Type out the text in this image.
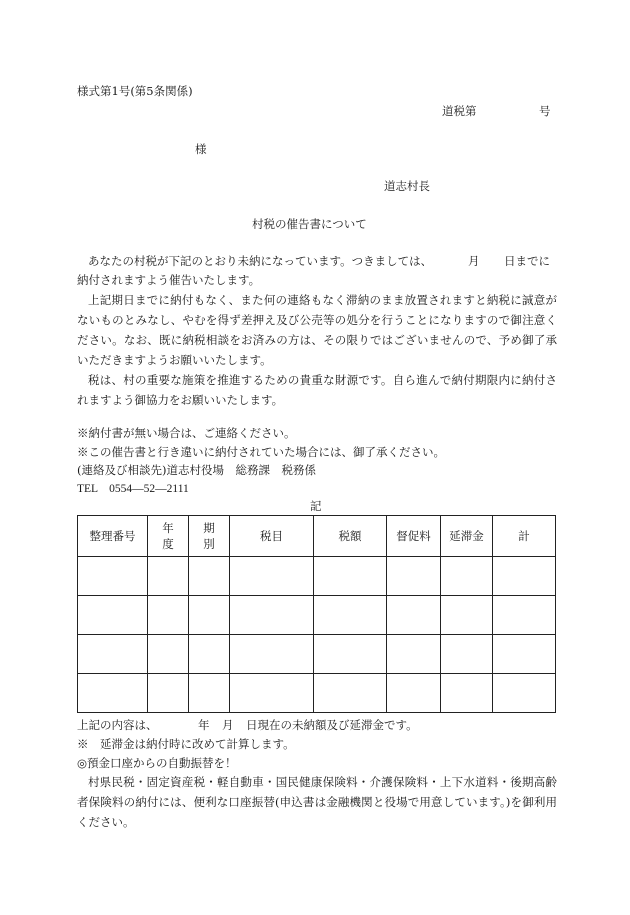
様式第1号(第5条関係)
道税第	号
様
道志村長
村税の催告書について
あなたの村税が下記のとおり未納になっています。つきましては、	月 日までに
納付されますよう催告いたします。
上記期日までに納付もなく、また何の連絡もなく滞納のまま放置されますと納税に誠意がないものとみなし、やむを得ず差押え及び公売等の処分を行うことになりますので御注意ください。なお、既に納税相談をお済みの方は、その限りではございませんので、予め御了承いただきますようお願いいたします。
税は、村の重要な施策を推進するための貴重な財源です。自ら進んで納付期限内に納付されますよう御協力をお願いいたします。
※納付書が無い場合は、ご連絡ください。
※この催告書と行き違いに納付されていた場合には、御了承ください。
(連絡及び相談先)道志村役場　総務課　税務係
TEL　0554―52―2111
記
整理番号	年度	期別	税目	税額	督促料	延滞金	計

上記の内容は、	年 月 日現在の未納額及び延滞金です。
※　延滞金は納付時に改めて計算します。
◎預金口座からの自動振替を！
村県民税・固定資産税・軽自動車・国民健康保険料・介護保険料・上下水道料・後期高齢者保険料の納付には、便利な口座振替(申込書は金融機関と役場で用意しています。)を御利用ください。
